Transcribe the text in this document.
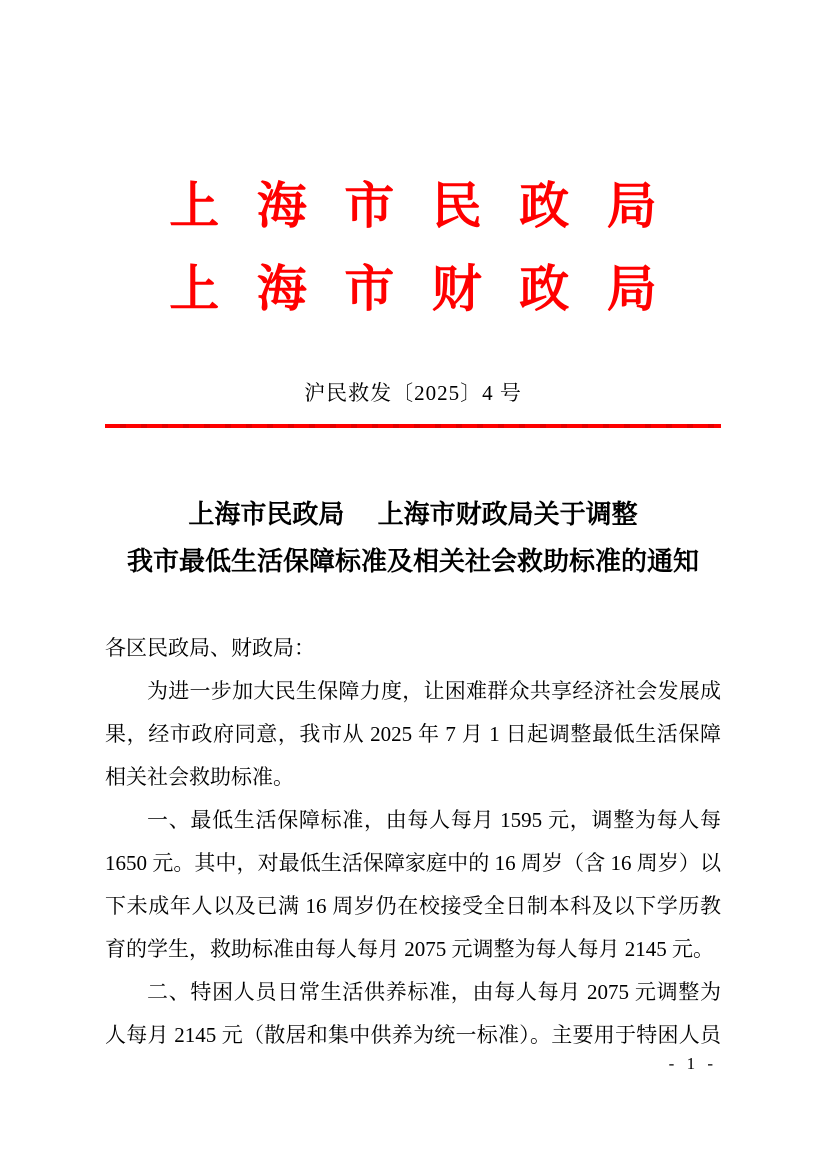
上海市民政局
上海市财政局
沪民救发〔2025〕4 号
上海市民政局　 上海市财政局关于调整
我市最低生活保障标准及相关社会救助标准的通知
各区民政局、财政局：
为进一步加大民生保障力度，让困难群众共享经济社会发展成
果，经市政府同意，我市从 2025 年 7 月 1 日起调整最低生活保障
相关社会救助标准。
一、最低生活保障标准，由每人每月 1595 元，调整为每人每
1650 元。其中，对最低生活保障家庭中的 16 周岁（含 16 周岁）以
下未成年人以及已满 16 周岁仍在校接受全日制本科及以下学历教
育的学生，救助标准由每人每月 2075 元调整为每人每月 2145 元。
二、特困人员日常生活供养标准，由每人每月 2075 元调整为
人每月 2145 元（散居和集中供养为统一标准）。主要用于特困人员
- 1 -
